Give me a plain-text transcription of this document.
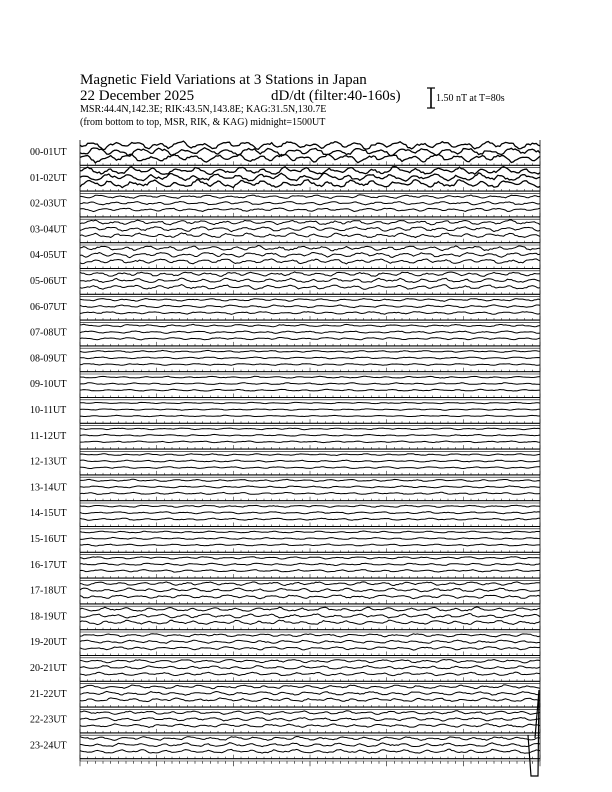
Magnetic Field Variations at 3 Stations in Japan
22 December 2025	dD/dt (filter:40-160s)
MSR:44.4N,142.3E; RIK:43.5N,143.8E; KAG:31.5N,130.7E
(from bottom to top, MSR, RIK, & KAG) midnight=1500UT
1.50 nT at T=80s
00-01UT
01-02UT
02-03UT
03-04UT
04-05UT
05-06UT
06-07UT
07-08UT
08-09UT
09-10UT
10-11UT
11-12UT
12-13UT
13-14UT
14-15UT
15-16UT
16-17UT
17-18UT
18-19UT
19-20UT
20-21UT
21-22UT
22-23UT
23-24UT
